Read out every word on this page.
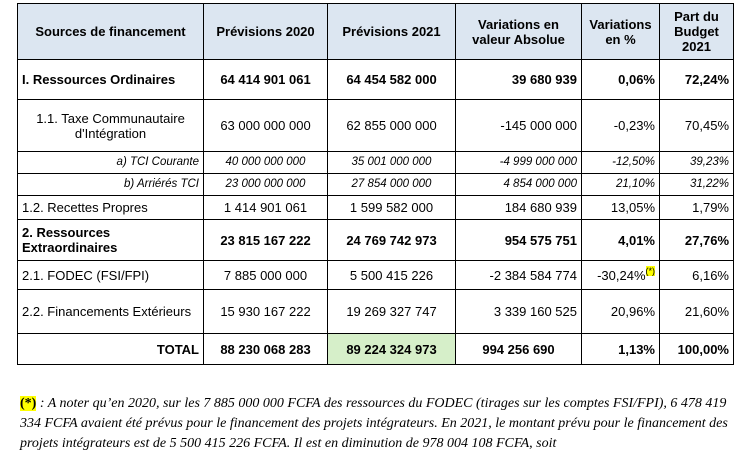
Sources de financement	Prévisions 2020	Prévisions 2021	Variations en valeur Absolue	Variations en %	Part du Budget 2021
I. Ressources Ordinaires	64 414 901 061	64 454 582 000	39 680 939	0,06%	72,24%

1.1. Taxe Communautaire d'Intégration	63 000 000 000	62 855 000 000	-145 000 000	-0,23%	70,45%
a) TCI Courante	40 000 000 000	35 001 000 000	-4 999 000 000	-12,50%	39,23%
b) Arriérés TCI	23 000 000 000	27 854 000 000	4 854 000 000	21,10%	31,22%
1.2. Recettes Propres	1 414 901 061	1 599 582 000	184 680 939	13,05%	1,79%
2. Ressources Extraordinaires	23 815 167 222	24 769 742 973	954 575 751	4,01%	27,76%
2.1. FODEC (FSI/FPI)	7 885 000 000	5 500 415 226	-2 384 584 774	-30,24%(*)	6,16%
2.2. Financements Extérieurs	15 930 167 222	19 269 327 747	3 339 160 525	20,96%	21,60%
TOTAL	88 230 068 283	89 224 324 973	994 256 690	1,13%	100,00%
(*) : A noter qu’en 2020, sur les 7 885 000 000 FCFA des ressources du FODEC (tirages sur les comptes FSI/FPI), 6 478 419 334 FCFA avaient été prévus pour le financement des projets intégrateurs. En 2021, le montant prévu pour le financement des projets intégrateurs est de 5 500 415 226 FCFA. Il est en diminution de 978 004 108 FCFA, soit
